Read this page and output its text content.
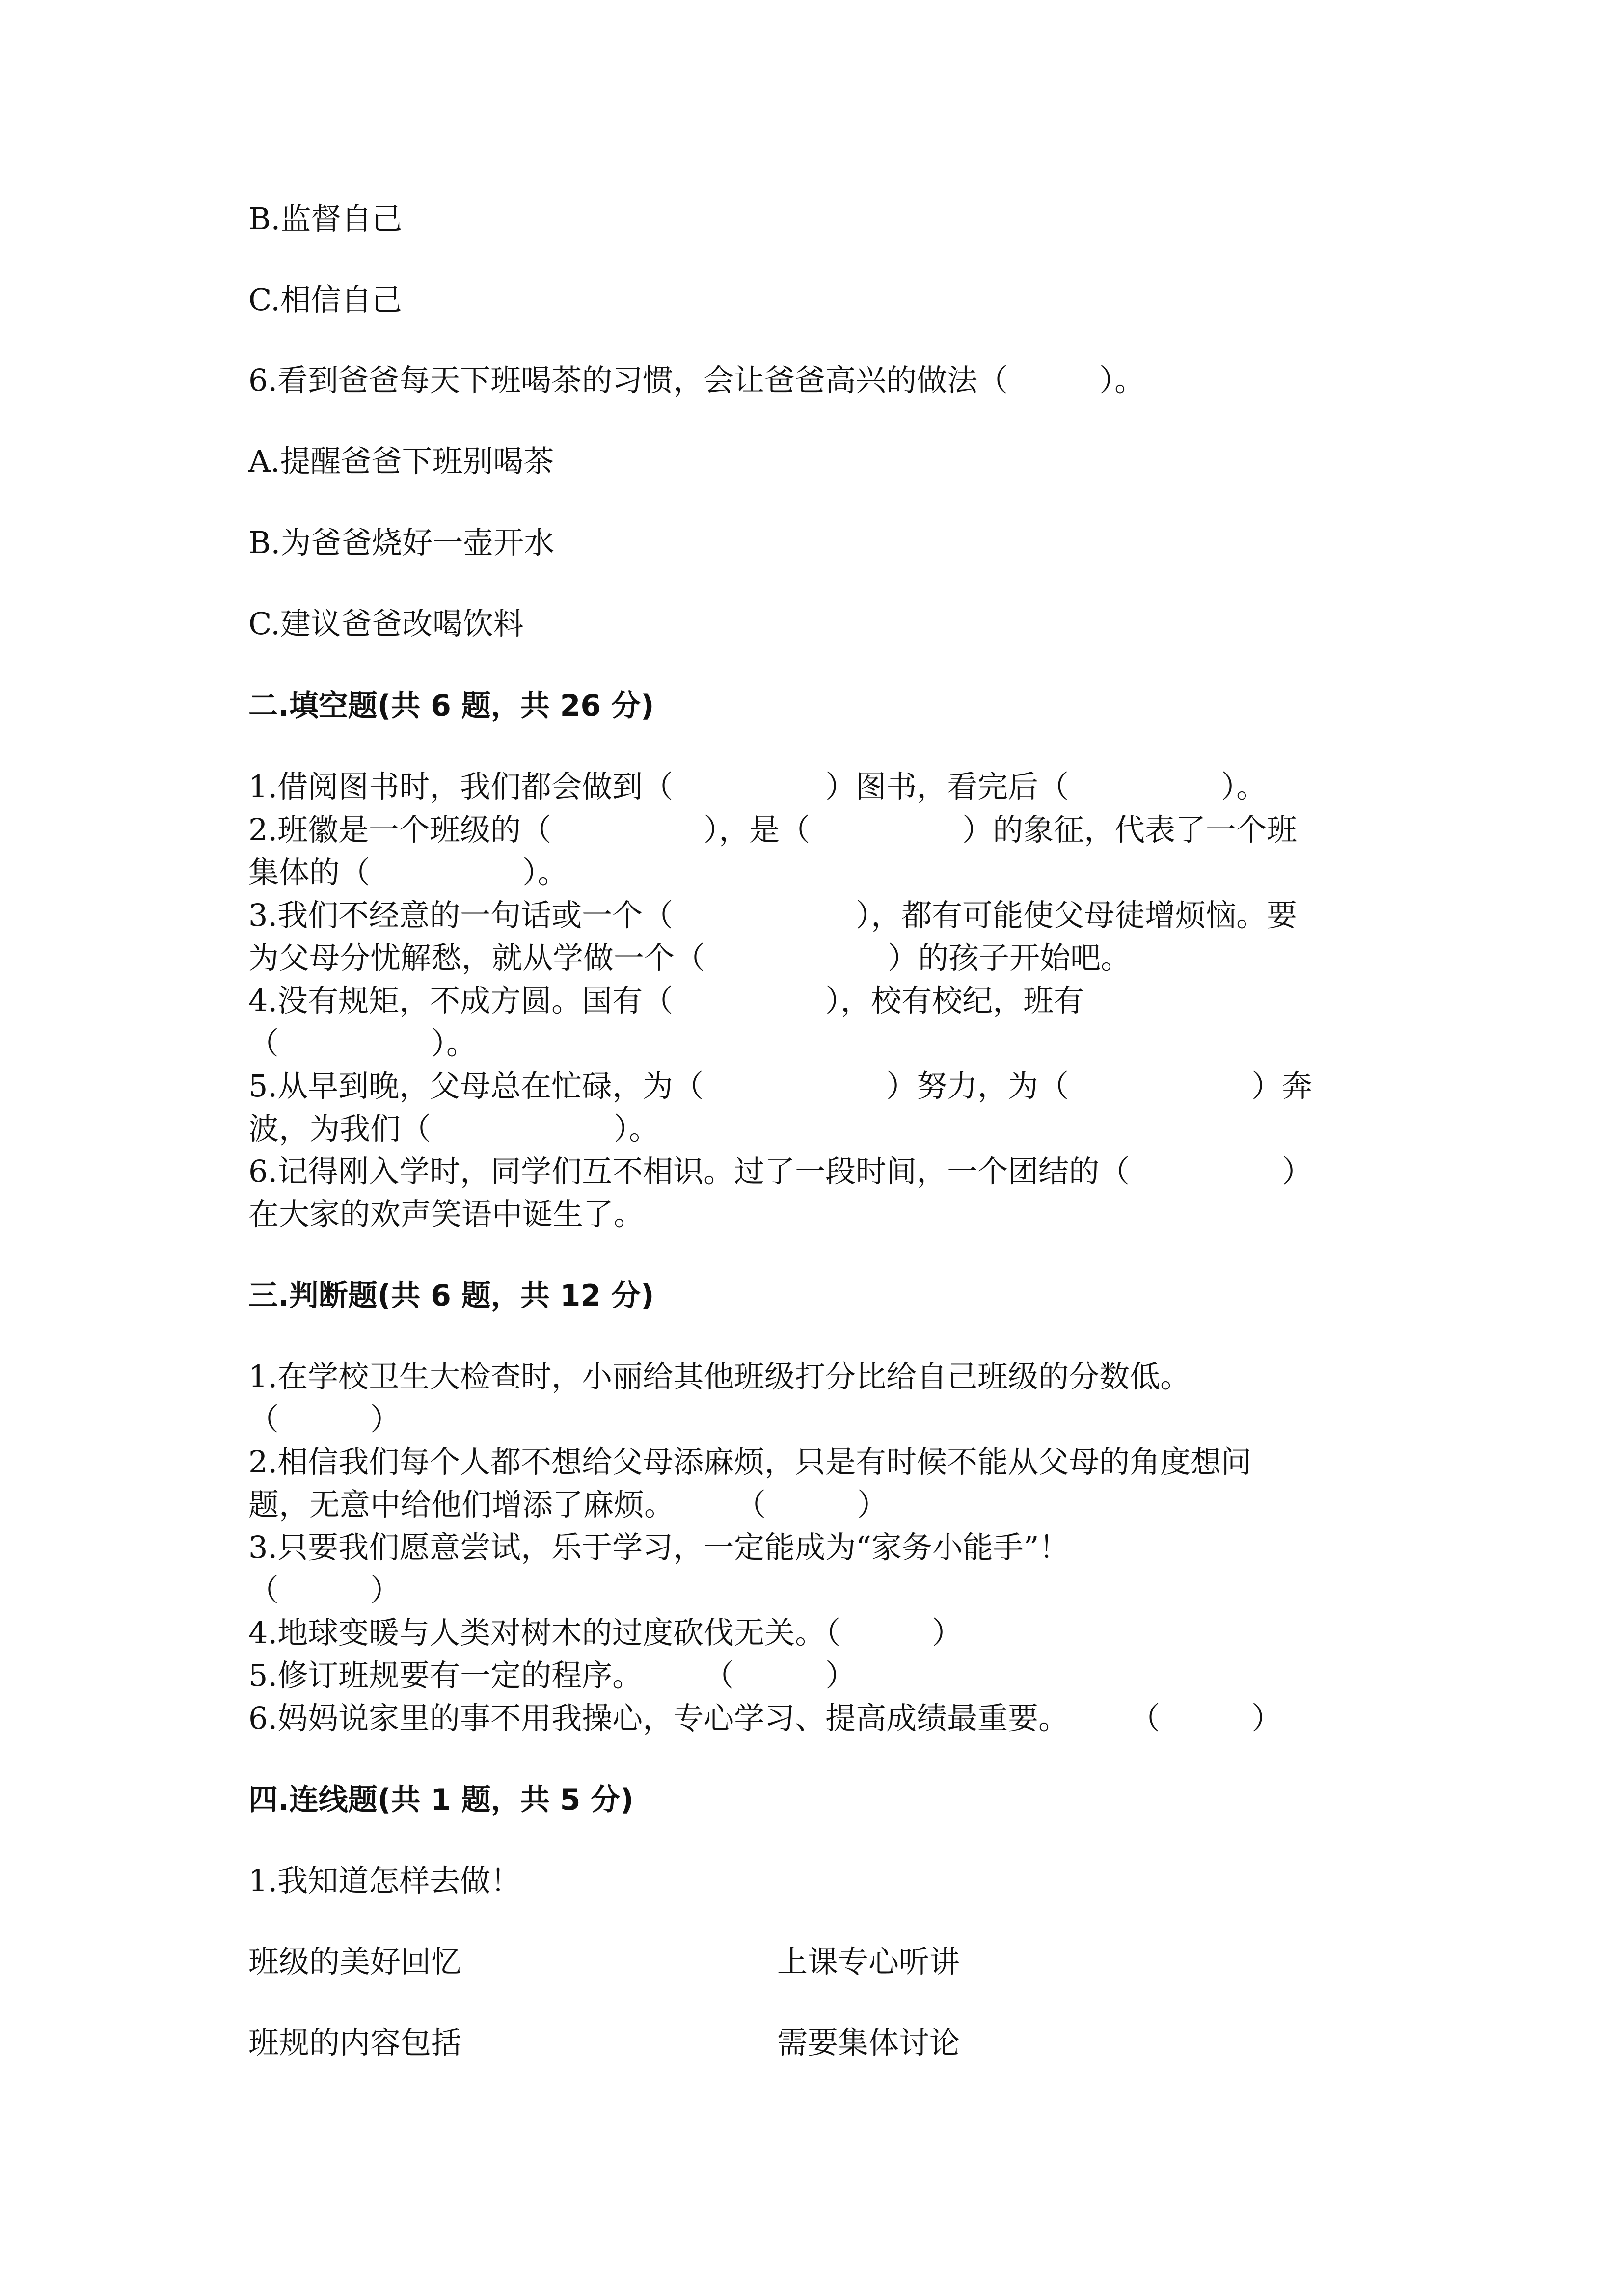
B.监督自己

C.相信自己

6.看到爸爸每天下班喝茶的习惯，会让爸爸高兴的做法（　　　）。

A.提醒爸爸下班别喝茶

B.为爸爸烧好一壶开水

C.建议爸爸改喝饮料

二.填空题(共 6 题，共 26 分)

1.借阅图书时，我们都会做到（　　　　　）图书，看完后（　　　　　）。

2.班徽是一个班级的（　　　　　），是（　　　　　）的象征，代表了一个班

集体的（　　　　　）。

3.我们不经意的一句话或一个（　　　　　　），都有可能使父母徒增烦恼。要

为父母分忧解愁，就从学做一个（　　　　　　）的孩子开始吧。

4.没有规矩，不成方圆。国有（　　　　　），校有校纪，班有

（　　　　　）。

5.从早到晚，父母总在忙碌，为（　　　　　　）努力，为（　　　　　　）奔

波，为我们（　　　　　　）。

6.记得刚入学时，同学们互不相识。过了一段时间，一个团结的（　　　　　）

在大家的欢声笑语中诞生了。

三.判断题(共 6 题，共 12 分)

1.在学校卫生大检查时，小丽给其他班级打分比给自己班级的分数低。

（　　　）

2.相信我们每个人都不想给父母添麻烦，只是有时候不能从父母的角度想问

题，无意中给他们增添了麻烦。　　　（　　　）

3.只要我们愿意尝试，乐于学习，一定能成为“家务小能手”！

（　　　）

4.地球变暖与人类对树木的过度砍伐无关。（　　　）

5.修订班规要有一定的程序。　　　（　　　）

6.妈妈说家里的事不用我操心，专心学习、提高成绩最重要。　　　（　　　）

四.连线题(共 1 题，共 5 分)

1.我知道怎样去做！

班级的美好回忆	上课专心听讲

班规的内容包括	需要集体讨论
